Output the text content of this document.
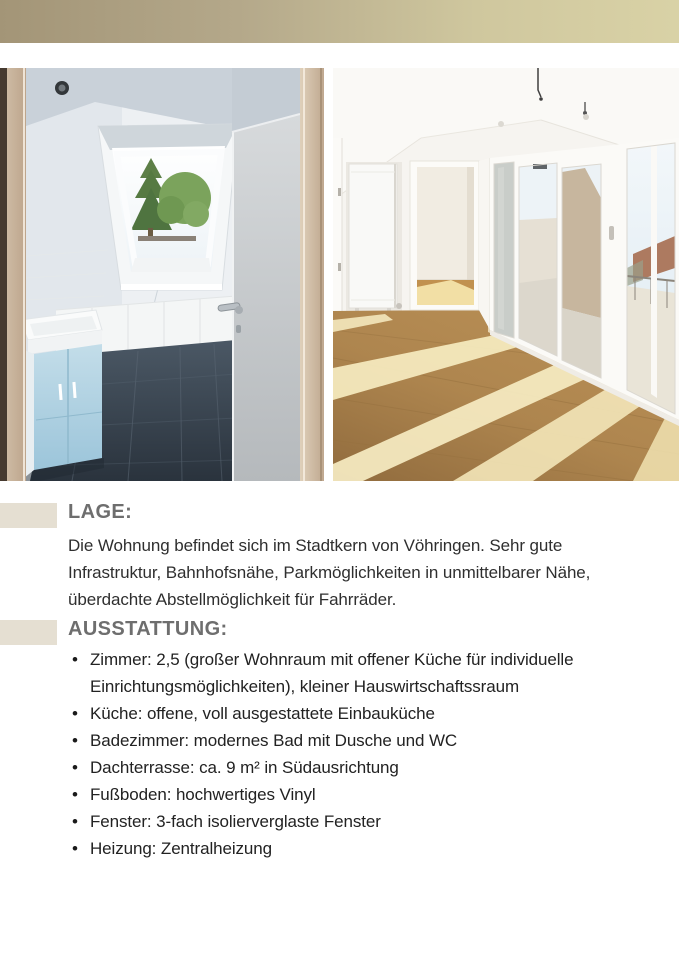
LAGE:

Die Wohnung befindet sich im Stadtkern von Vöhringen. Sehr gute Infrastruktur, Bahnhofsnähe, Parkmöglichkeiten in unmittelbarer Nähe, überdachte Abstellmöglichkeit für Fahrräder.

AUSSTATTUNG:
• Zimmer: 2,5 (großer Wohnraum mit offener Küche für individuelle Einrichtungsmöglichkeiten), kleiner Hauswirtschaftssraum
• Küche: offene, voll ausgestattete Einbauküche
• Badezimmer: modernes Bad mit Dusche und WC
• Dachterrasse: ca. 9 m² in Südausrichtung
• Fußboden: hochwertiges Vinyl
• Fenster: 3-fach isolierverglaste Fenster
• Heizung: Zentralheizung
